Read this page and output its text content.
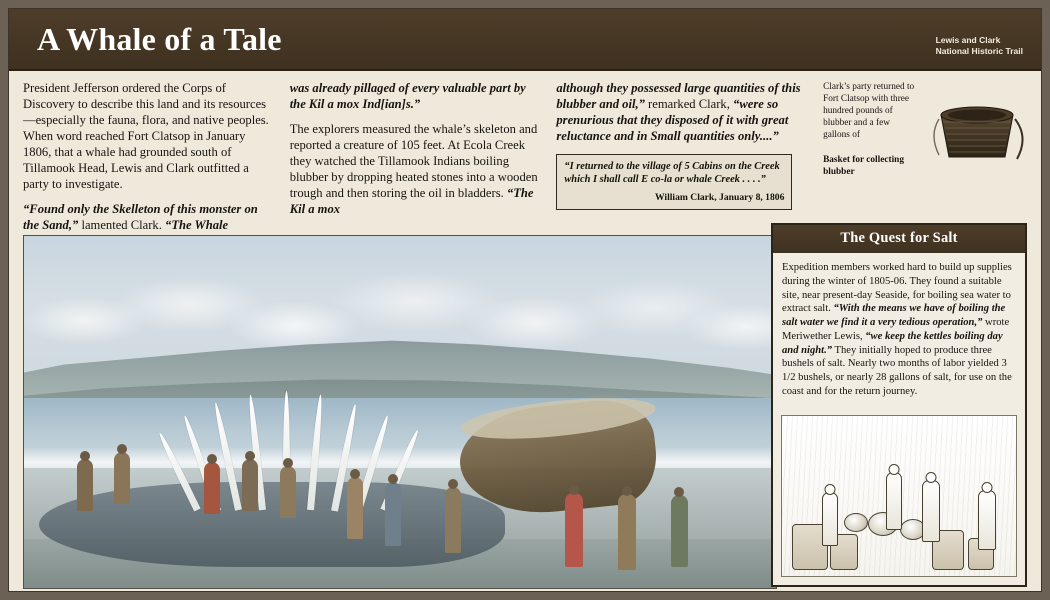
A Whale of a Tale	Lewis and Clark
National Historic Trail

President Jefferson ordered the Corps of Discovery to describe this land and its resources—especially the fauna, flora, and native peoples. When word reached Fort Clatsop in January 1806, that a whale had grounded south of Tillamook Head, Lewis and Clark outfitted a party to investigate.

“Found only the Skelleton of this monster on the Sand,” lamented Clark. “The Whale

was already pillaged of every valuable part by the Kil a mox Ind[ian]s.”

The explorers measured the whale’s skeleton and reported a creature of 105 feet. At Ecola Creek they watched the Tillamook Indians boiling blubber by dropping heated stones into a wooden trough and then storing the oil in bladders. “The Kil a mox

although they possessed large quantities of this blubber and oil,” remarked Clark, “were so prenurious that they disposed of it with great reluctance and in Small quantities only....”

“I returned to the village of 5 Cabins on the Creek which I shall call E co-la or whale Creek . . . .”
William Clark, January 8, 1806
Clark’s party returned to Fort Clatsop with three hundred pounds of blubber and a few gallons of
Basket for collecting blubber
The Quest for Salt
Expedition members worked hard to build up supplies during the winter of 1805-06. They found a suitable site, near present-day Seaside, for boiling sea water to extract salt. “With the means we have of boiling the salt water we find it a very tedious operation,” wrote Meriwether Lewis, “we keep the kettles boiling day and night.” They initially hoped to produce three bushels of salt. Nearly two months of labor yielded 3 1/2 bushels, or nearly 28 gallons of salt, for use on the coast and for the return journey.
